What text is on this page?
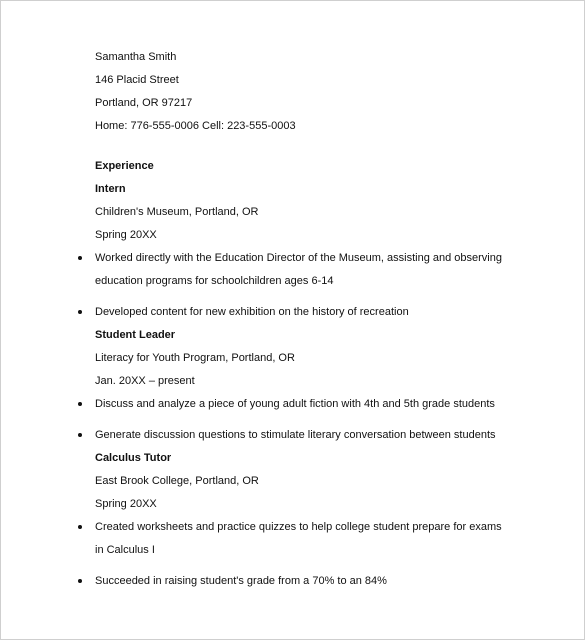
Samantha Smith
146 Placid Street
Portland, OR 97217
Home: 776-555-0006 Cell: 223-555-0003
Experience
Intern
Children's Museum, Portland, OR
Spring 20XX
Worked directly with the Education Director of the Museum, assisting and observing
education programs for schoolchildren ages 6-14
Developed content for new exhibition on the history of recreation
Student Leader
Literacy for Youth Program, Portland, OR
Jan. 20XX – present
Discuss and analyze a piece of young adult fiction with 4th and 5th grade students
Generate discussion questions to stimulate literary conversation between students
Calculus Tutor
East Brook College, Portland, OR
Spring 20XX
Created worksheets and practice quizzes to help college student prepare for exams
in Calculus I
Succeeded in raising student's grade from a 70% to an 84%
